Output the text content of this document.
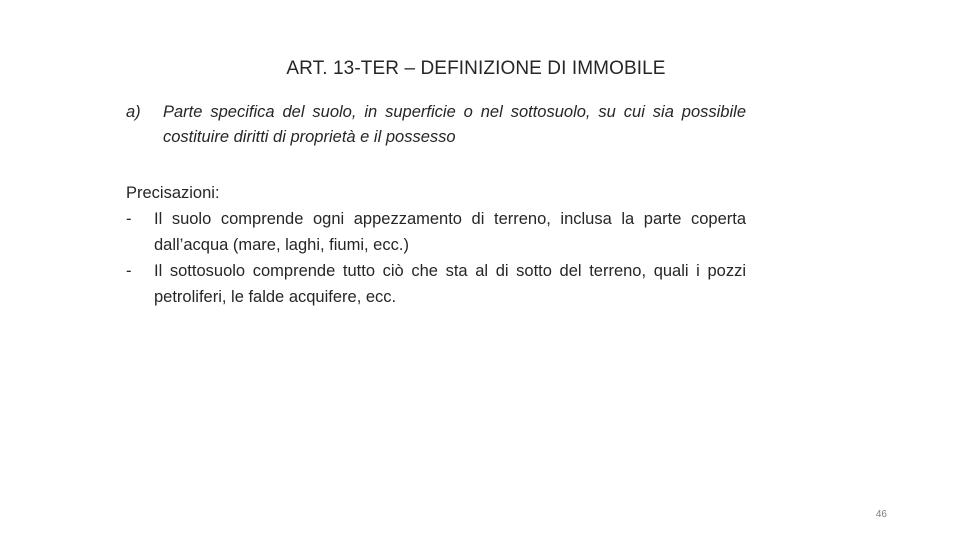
ART. 13-TER – DEFINIZIONE DI IMMOBILE
a)	Parte specifica del suolo, in superficie o nel sottosuolo, su cui sia possibile costituire diritti di proprietà e il possesso
Precisazioni:
-	Il suolo comprende ogni appezzamento di terreno, inclusa la parte coperta dall’acqua (mare, laghi, fiumi, ecc.)
-	Il sottosuolo comprende tutto ciò che sta al di sotto del terreno, quali i pozzi petroliferi, le falde acquifere, ecc.
46
